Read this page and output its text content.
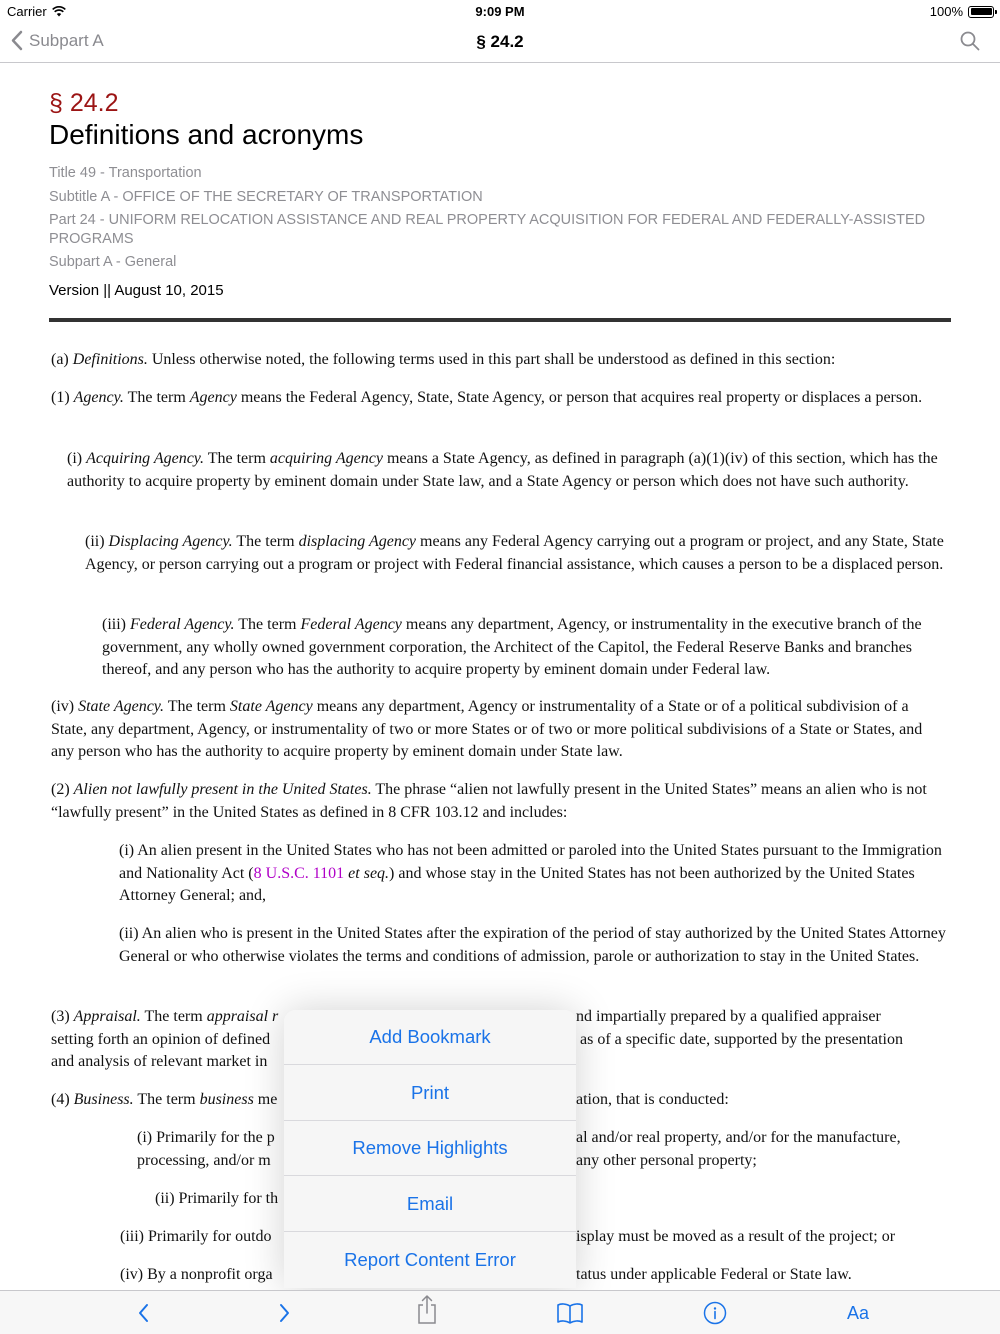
Carrier	9:09 PM	100%
Subpart A	§ 24.2
§ 24.2
Definitions and acronyms
Title 49 - Transportation
Subtitle A - OFFICE OF THE SECRETARY OF TRANSPORTATION
Part 24 - UNIFORM RELOCATION ASSISTANCE AND REAL PROPERTY ACQUISITION FOR FEDERAL AND FEDERALLY-ASSISTED PROGRAMS
Subpart A - General
Version || August 10, 2015
(a) Definitions. Unless otherwise noted, the following terms used in this part shall be understood as defined in this section:
(1) Agency. The term Agency means the Federal Agency, State, State Agency, or person that acquires real property or displaces a person.
(i) Acquiring Agency. The term acquiring Agency means a State Agency, as defined in paragraph (a)(1)(iv) of this section, which has the authority to acquire property by eminent domain under State law, and a State Agency or person which does not have such authority.
(ii) Displacing Agency. The term displacing Agency means any Federal Agency carrying out a program or project, and any State, State Agency, or person carrying out a program or project with Federal financial assistance, which causes a person to be a displaced person.
(iii) Federal Agency. The term Federal Agency means any department, Agency, or instrumentality in the executive branch of the government, any wholly owned government corporation, the Architect of the Capitol, the Federal Reserve Banks and branches thereof, and any person who has the authority to acquire property by eminent domain under Federal law.
(iv) State Agency. The term State Agency means any department, Agency or instrumentality of a State or of a political subdivision of a State, any department, Agency, or instrumentality of two or more States or of two or more political subdivisions of a State or States, and any person who has the authority to acquire property by eminent domain under State law.
(2) Alien not lawfully present in the United States. The phrase “alien not lawfully present in the United States” means an alien who is not “lawfully present” in the United States as defined in 8 CFR 103.12 and includes:
(i) An alien present in the United States who has not been admitted or paroled into the United States pursuant to the Immigration and Nationality Act (8 U.S.C. 1101 et seq.) and whose stay in the United States has not been authorized by the United States Attorney General; and,
(ii) An alien who is present in the United States after the expiration of the period of stay authorized by the United States Attorney General or who otherwise violates the terms and conditions of admission, parole or authorization to stay in the United States.
(3) Appraisal. The term appraisal r	nd impartially prepared by a qualified appraiser
setting forth an opinion of defined	as of a specific date, supported by the presentation
and analysis of relevant market in
(4) Business. The term business me	ation, that is conducted:
(i) Primarily for the p	al and/or real property, and/or for the manufacture,
processing, and/or m	any other personal property;
(ii) Primarily for th
(iii) Primarily for outdo	isplay must be moved as a result of the project; or
(iv) By a nonprofit orga	tatus under applicable Federal or State law.
Add Bookmark
Print
Remove Highlights
Email
Report Content Error
Aa
